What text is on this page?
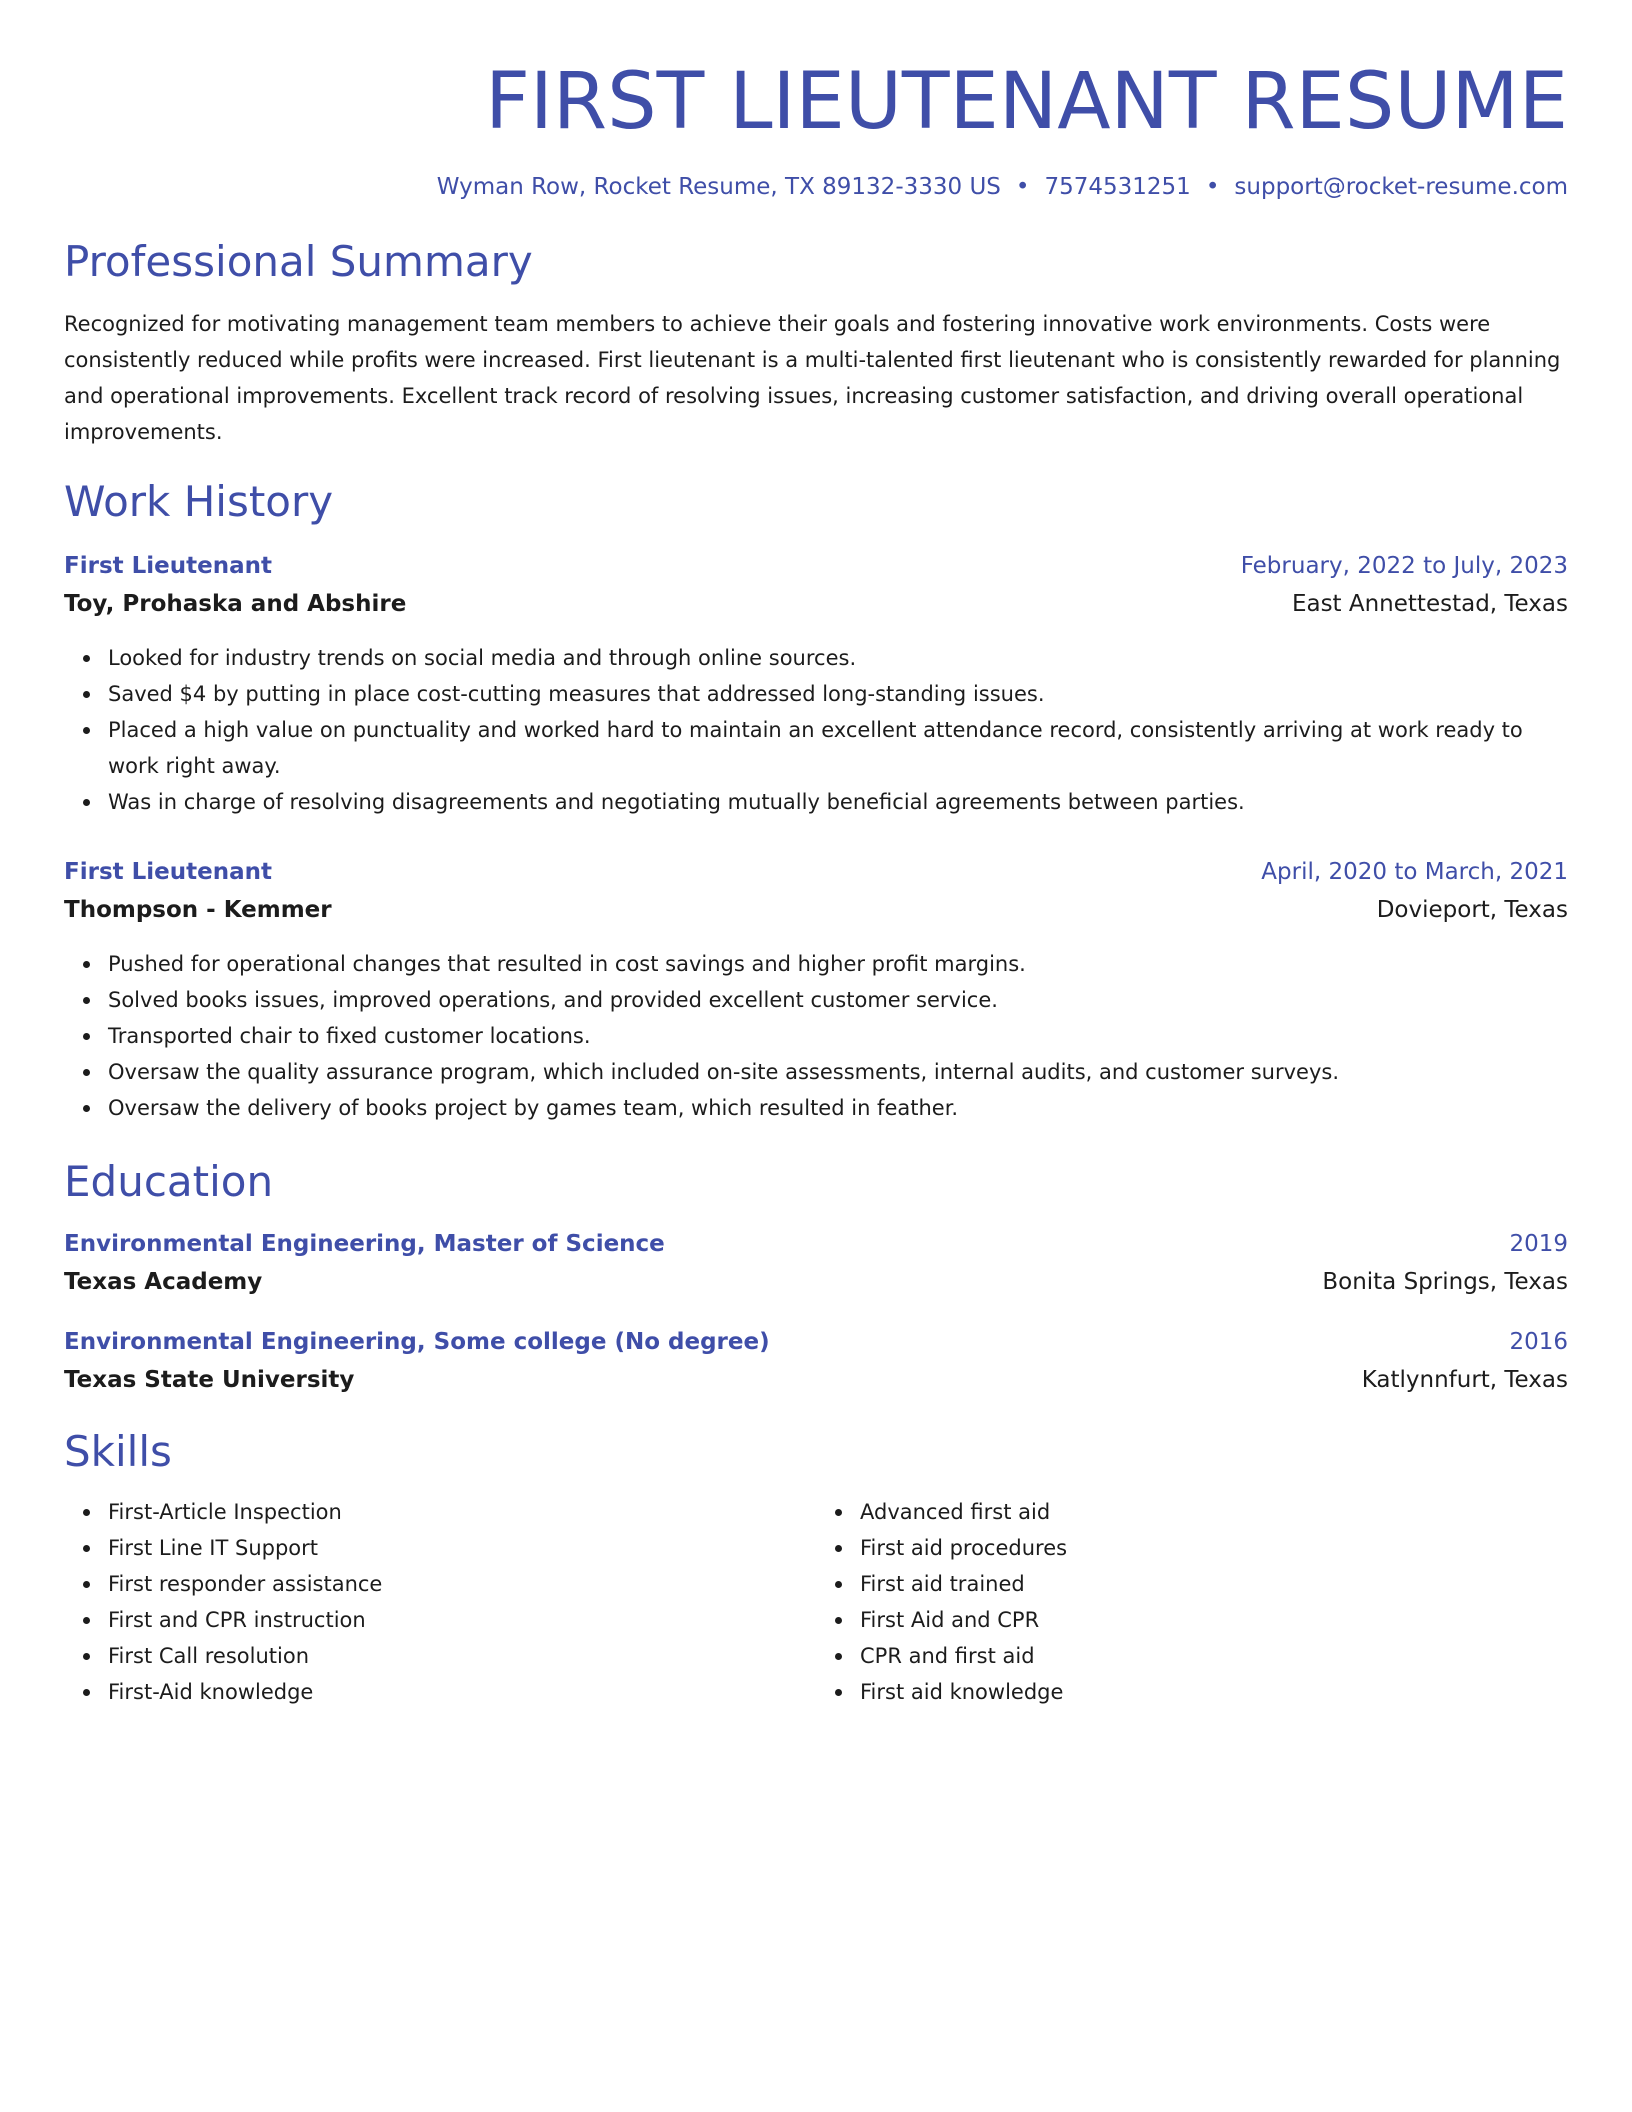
FIRST LIEUTENANT RESUME
Wyman Row, Rocket Resume, TX 89132-3330 US • 7574531251 • support@rocket-resume.com
Professional Summary

Recognized for motivating management team members to achieve their goals and fostering innovative work environments. Costs were consistently reduced while profits were increased. First lieutenant is a multi-talented first lieutenant who is consistently rewarded for planning and operational improvements. Excellent track record of resolving issues, increasing customer satisfaction, and driving overall operational improvements.

Work History
First Lieutenant	February, 2022 to July, 2023
Toy, Prohaska and Abshire	East Annettestad, Texas
Looked for industry trends on social media and through online sources.
Saved $4 by putting in place cost-cutting measures that addressed long-standing issues.
Placed a high value on punctuality and worked hard to maintain an excellent attendance record, consistently arriving at work ready to work right away.
Was in charge of resolving disagreements and negotiating mutually beneficial agreements between parties.
First Lieutenant	April, 2020 to March, 2021
Thompson - Kemmer	Dovieport, Texas
Pushed for operational changes that resulted in cost savings and higher profit margins.
Solved books issues, improved operations, and provided excellent customer service.
Transported chair to fixed customer locations.
Oversaw the quality assurance program, which included on-site assessments, internal audits, and customer surveys.
Oversaw the delivery of books project by games team, which resulted in feather.
Education
Environmental Engineering, Master of Science	2019
Texas Academy	Bonita Springs, Texas
Environmental Engineering, Some college (No degree)	2016
Texas State University	Katlynnfurt, Texas
Skills
First-Article Inspection
First Line IT Support
First responder assistance
First and CPR instruction
First Call resolution
First-Aid knowledge
Advanced first aid
First aid procedures
First aid trained
First Aid and CPR
CPR and first aid
First aid knowledge
